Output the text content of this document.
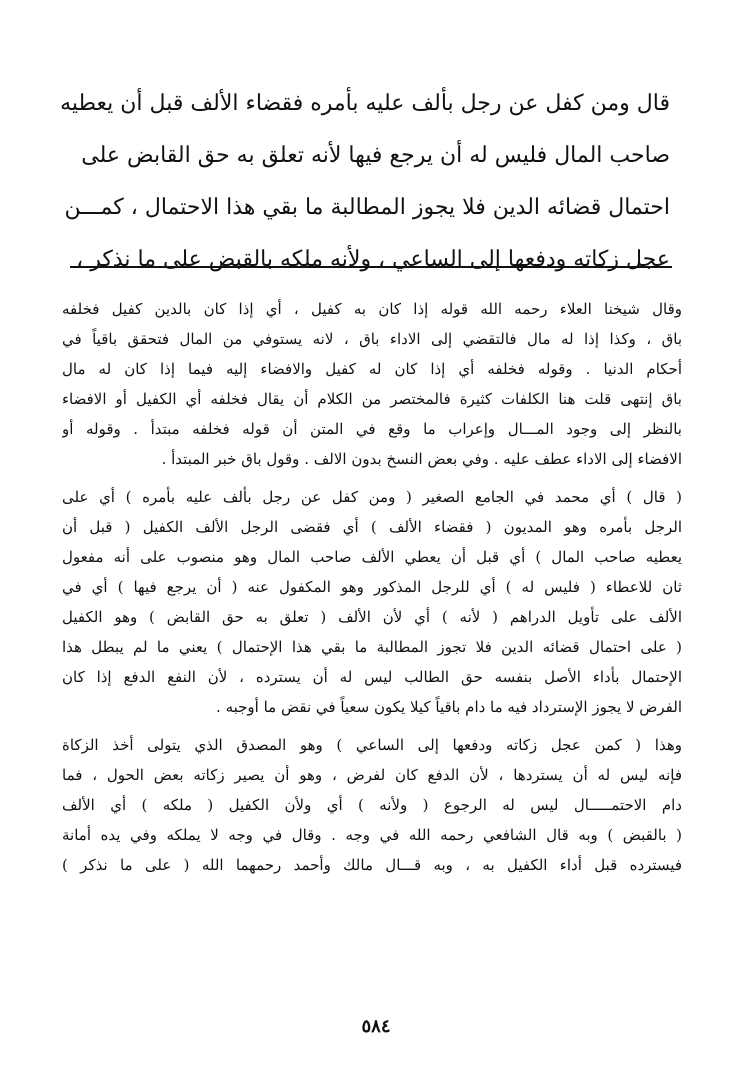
قال ومن كفل عن رجل بألف عليه بأمره فقضاء الألف قبل أن يعطيه
صاحب المال فليس له أن يرجع فيها لأنه تعلق به حق القابض على
احتمال قضائه الدين فلا يجوز المطالبة ما بقي هذا الاحتمال ، كمـــن
عجل زكاته ودفعها إلى الساعي ، ولأنه ملكه بالقبض على ما نذكر ،
وقال شيخنا العلاء رحمه الله قوله إذا كان به كفيل ، أي إذا كان بالدين كفيل فخلفه
باق ، وكذا إذا له مال فالتقضي إلى الاداء باق ، لانه يستوفي من المال فتحقق باقياً في
أحكام الدنيا . وقوله فخلفه أي إذا كان له كفيل والافضاء إليه فيما إذا كان له مال
باق إنتهى قلت هنا الكلفات كثيرة فالمختصر من الكلام أن يقال فخلفه أي الكفيل أو الافضاء
بالنظر إلى وجود المـــال وإعراب ما وقع في المتن أن قوله فخلفه مبتدأ . وقوله أو
الافضاء إلى الاداء عطف عليه . وفي بعض النسخ بدون الالف . وقول باق خبر المبتدأ .
( قال ) أي محمد في الجامع الصغير ( ومن كفل عن رجل بألف عليه بأمره ) أي على
الرجل بأمره وهو المديون ( فقضاء الألف ) أي فقضى الرجل الألف الكفيل ( قبل أن
يعطيه صاحب المال ) أي قبل أن يعطي الألف صاحب المال وهو منصوب على أنه مفعول
ثان للاعطاء ( فليس له ) أي للرجل المذكور وهو المكفول عنه ( أن يرجع فيها ) أي في
الألف على تأويل الدراهم ( لأنه ) أي لأن الألف ( تعلق به حق القابض ) وهو الكفيل
( على احتمال قضائه الدين فلا تجوز المطالبة ما بقي هذا الإحتمال ) يعني ما لم يبطل هذا
الإحتمال بأداء الأصل بنفسه حق الطالب ليس له أن يسترده ، لأن النفع الدفع إذا كان
الفرض لا يجوز الإسترداد فيه ما دام باقياً كيلا يكون سعياً في نقض ما أوجبه .
وهذا ( كمن عجل زكاته ودفعها إلى الساعي ) وهو المصدق الذي يتولى أخذ الزكاة
فإنه ليس له أن يستردها ، لأن الدفع كان لفرض ، وهو أن يصير زكاته بعض الحول ، فما
دام الاحتمـــــال ليس له الرجوع ( ولأنه ) أي ولأن الكفيل ( ملكه ) أي الألف
( بالقبض ) وبه قال الشافعي رحمه الله في وجه . وقال في وجه لا يملكه وفي يده أمانة
فيسترده قبل أداء الكفيل به ، وبه قـــال مالك وأحمد رحمهما الله ( على ما نذكر )
٥٨٤
